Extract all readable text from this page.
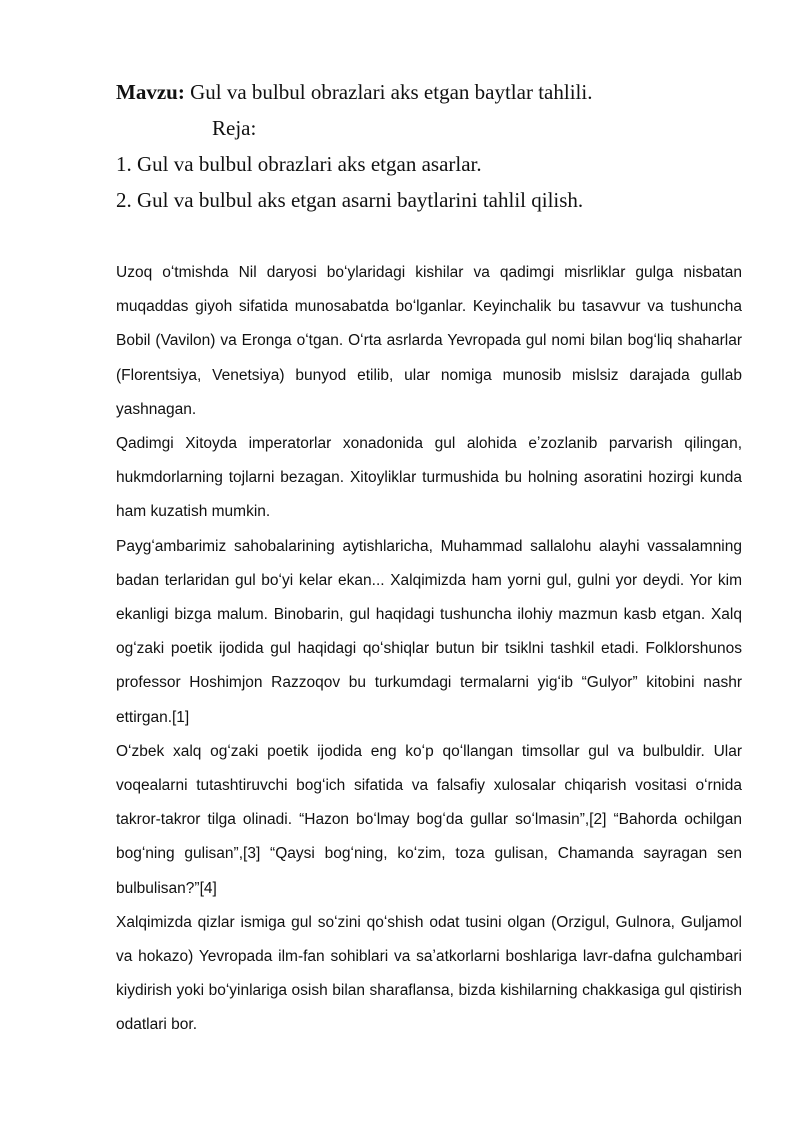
Mavzu: Gul va bulbul obrazlari aks etgan baytlar tahlili.

Reja:

1. Gul va bulbul obrazlari aks etgan asarlar.

2. Gul va bulbul aks etgan asarni baytlarini tahlil qilish.

Uzoq oʻtmishda Nil daryosi boʻylaridagi kishilar va qadimgi misrliklar gulga nisbatan muqaddas giyoh sifatida munosabatda boʻlganlar. Keyinchalik bu tasavvur va tushuncha Bobil (Vavilon) va Eronga oʻtgan. Oʻrta asrlarda Yevropada gul nomi bilan bogʻliq shaharlar (Florentsiya, Venetsiya) bunyod etilib, ular nomiga munosib mislsiz darajada gullab yashnagan.

Qadimgi Xitoyda imperatorlar xonadonida gul alohida eʼzozlanib parvarish qilingan, hukmdorlarning tojlarni bezagan. Xitoyliklar turmushida bu holning asoratini hozirgi kunda ham kuzatish mumkin.

Paygʻambarimiz sahobalarining aytishlaricha, Muhammad sallalohu alayhi vassalamning badan terlaridan gul boʻyi kelar ekan... Xalqimizda ham yorni gul, gulni yor deydi. Yor kim ekanligi bizga malum. Binobarin, gul haqidagi tushuncha ilohiy mazmun kasb etgan. Xalq ogʻzaki poetik ijodida gul haqidagi qoʻshiqlar butun bir tsiklni tashkil etadi. Folklorshunos professor Hoshimjon Razzoqov bu turkumdagi termalarni yigʻib “Gulyor” kitobini nashr ettirgan.[1]

Oʻzbek xalq ogʻzaki poetik ijodida eng koʻp qoʻllangan timsollar gul va bulbuldir. Ular voqealarni tutashtiruvchi bogʻich sifatida va falsafiy xulosalar chiqarish vositasi oʻrnida takror-takror tilga olinadi. “Hazon boʻlmay bogʻda gullar soʻlmasin”,[2] “Bahorda ochilgan bogʻning gulisan”,[3] “Qaysi bogʻning, koʻzim, toza gulisan, Chamanda sayragan sen bulbulisan?”[4]

Xalqimizda qizlar ismiga gul soʻzini qoʻshish odat tusini olgan (Orzigul, Gulnora, Guljamol va hokazo) Yevropada ilm-fan sohiblari va saʼatkorlarni boshlariga lavr-dafna gulchambari kiydirish yoki boʻyinlariga osish bilan sharaflansa, bizda kishilarning chakkasiga gul qistirish odatlari bor.
